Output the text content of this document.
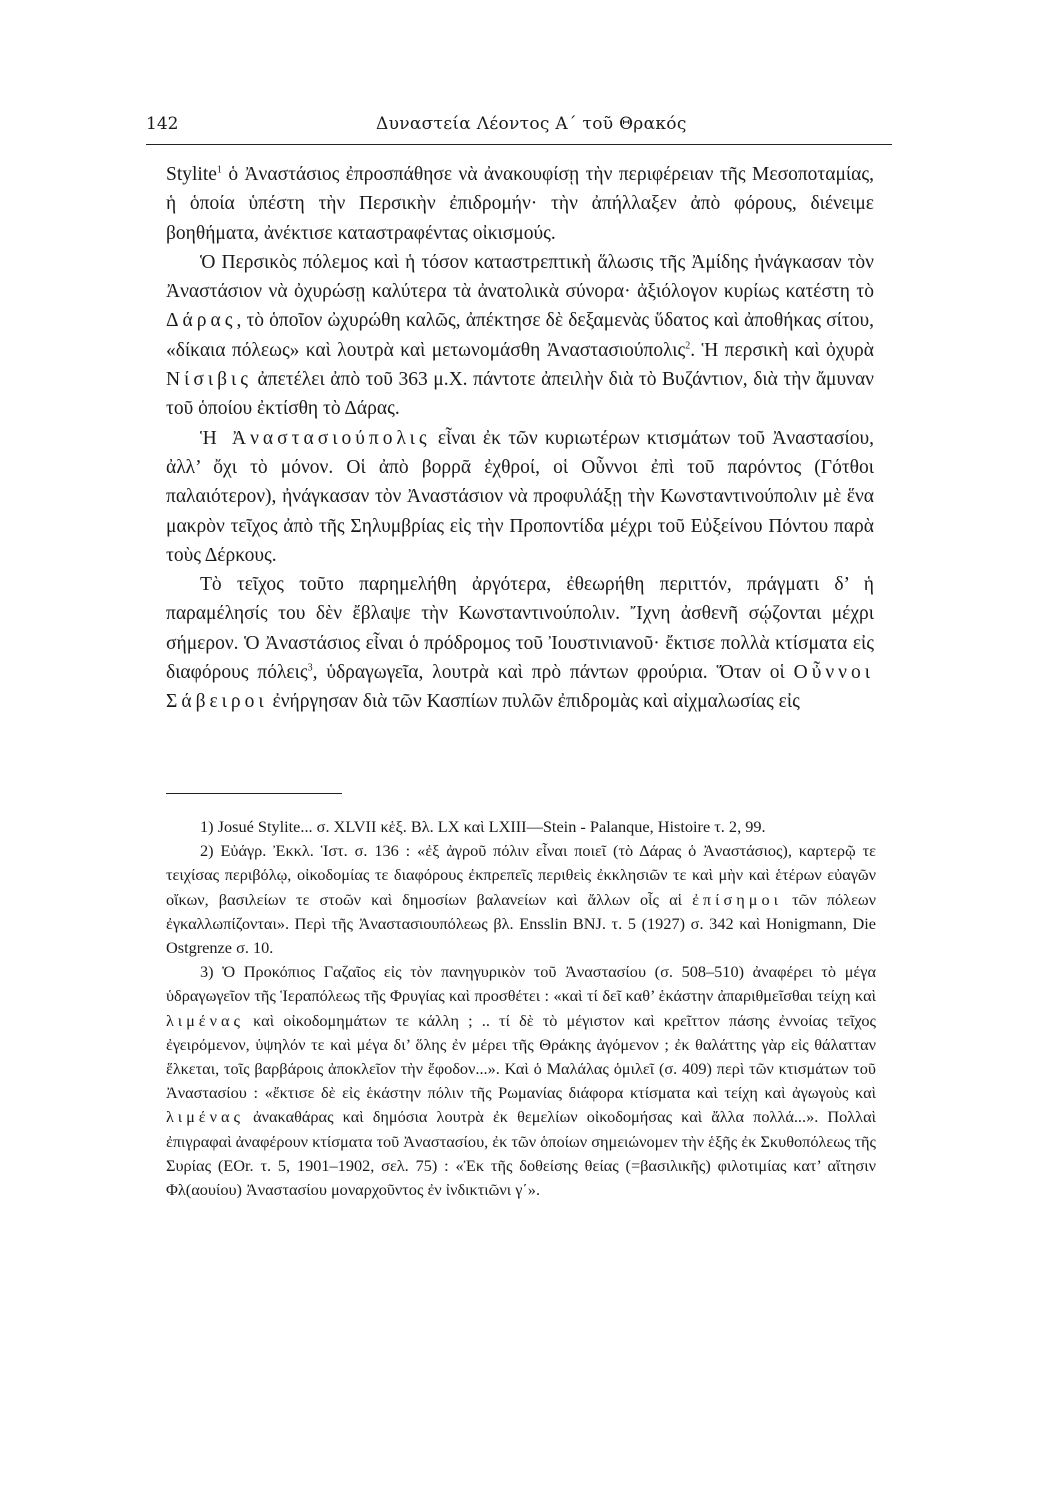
142	Δυναστεία Λέοντος Α΄ τοῦ Θρακός

Stylite$^1$ ὁ Ἀναστάσιος ἐπροσπάθησε νὰ ἀνακουφίσῃ τὴν περιφέρειαν τῆς Μεσοποταμίας, ἡ ὁποία ὑπέστη τὴν Περσικὴν ἐπιδρομήν· τὴν ἀπήλλαξεν ἀπὸ φόρους, διένειμε βοηθήματα, ἀνέκτισε καταστραφέντας οἰκισμούς.

Ὁ Περσικὸς πόλεμος καὶ ἡ τόσον καταστρεπτικὴ ἅλωσις τῆς Ἀμίδης ἠνάγκασαν τὸν Ἀναστάσιον νὰ ὀχυρώσῃ καλύτερα τὰ ἀνατολικὰ σύνορα· ἀξιόλογον κυρίως κατέστη τὸ Δάρας, τὸ ὁποῖον ὠχυρώθη καλῶς, ἀπέκτησε δὲ δεξαμενὰς ὕδατος καὶ ἀποθήκας σίτου, «δίκαια πόλεως» καὶ λουτρὰ καὶ μετωνομάσθη Ἀναστασιούπολις$^2$. Ἡ περσικὴ καὶ ὀχυρὰ Νίσιβις ἀπετέλει ἀπὸ τοῦ 363 μ.Χ. πάντοτε ἀπειλὴν διὰ τὸ Βυζάντιον, διὰ τὴν ἄμυναν τοῦ ὁποίου ἐκτίσθη τὸ Δάρας.

Ἡ Ἀναστασιούπολις εἶναι ἐκ τῶν κυριωτέρων κτισμάτων τοῦ Ἀναστασίου, ἀλλ’ ὄχι τὸ μόνον. Οἱ ἀπὸ βορρᾶ ἐχθροί, οἱ Οὖννοι ἐπὶ τοῦ παρόντος (Γότθοι παλαιότερον), ἠνάγκασαν τὸν Ἀναστάσιον νὰ προφυλάξῃ τὴν Κωνσταντινούπολιν μὲ ἕνα μακρὸν τεῖχος ἀπὸ τῆς Σηλυμβρίας εἰς τὴν Προποντίδα μέχρι τοῦ Εὐξείνου Πόντου παρὰ τοὺς Δέρκους.

Τὸ τεῖχος τοῦτο παρημελήθη ἀργότερα, ἐθεωρήθη περιττόν, πράγματι δ’ ἡ παραμέλησίς του δὲν ἔβλαψε τὴν Κωνσταντινούπολιν. Ἴχνη ἀσθενῆ σῴζονται μέχρι σήμερον. Ὁ Ἀναστάσιος εἶναι ὁ πρόδρομος τοῦ Ἰουστινιανοῦ· ἔκτισε πολλὰ κτίσματα εἰς διαφόρους πόλεις$^3$, ὑδραγωγεῖα, λουτρὰ καὶ πρὸ πάντων φρούρια. Ὅταν οἱ Οὖννοι Σάβειροι ἐνήργησαν διὰ τῶν Κασπίων πυλῶν ἐπιδρομὰς καὶ αἰχμαλωσίας εἰς

1) Josué Stylite... σ. XLVII κἑξ. Βλ. LX καὶ LXIII—Stein - Palanque, Histoire τ. 2, 99.

2) Εὐάγρ. Ἐκκλ. Ἱστ. σ. 136 : «ἐξ ἀγροῦ πόλιν εἶναι ποιεῖ (τὸ Δάρας ὁ Ἀναστάσιος), καρτερῷ τε τειχίσας περιβόλῳ, οἰκοδομίας τε διαφόρους ἐκπρεπεῖς περιθεὶς ἐκκλησιῶν τε καὶ μὴν καὶ ἑτέρων εὐαγῶν οἴκων, βασιλείων τε στοῶν καὶ δημοσίων βαλανείων καὶ ἄλλων οἷς αἱ ἐπίσημοι τῶν πόλεων ἐγκαλλωπίζονται». Περὶ τῆς Ἀναστασιουπόλεως βλ. Ensslin BNJ. τ. 5 (1927) σ. 342 καὶ Honigmann, Die Ostgrenze σ. 10.

3) Ὁ Προκόπιος Γαζαῖος εἰς τὸν πανηγυρικὸν τοῦ Ἀναστασίου (σ. 508–510) ἀναφέρει τὸ μέγα ὑδραγωγεῖον τῆς Ἱεραπόλεως τῆς Φρυγίας καὶ προσθέτει : «καὶ τί δεῖ καθ’ ἑκάστην ἀπαριθμεῖσθαι τείχη καὶ λιμένας καὶ οἰκοδομημάτων τε κάλλη ; .. τί δὲ τὸ μέγιστον καὶ κρεῖττον πάσης ἐννοίας τεῖχος ἐγειρόμενον, ὑψηλόν τε καὶ μέγα δι’ ὅλης ἐν μέρει τῆς Θράκης ἀγόμενον ; ἐκ θαλάττης γὰρ εἰς θάλατταν ἕλκεται, τοῖς βαρβάροις ἀποκλεῖον τὴν ἔφοδον...». Καὶ ὁ Μαλάλας ὁμιλεῖ (σ. 409) περὶ τῶν κτισμάτων τοῦ Ἀναστασίου : «ἔκτισε δὲ εἰς ἑκάστην πόλιν τῆς Ρωμανίας διάφορα κτίσματα καὶ τείχη καὶ ἀγωγοὺς καὶ λιμένας ἀνακαθάρας καὶ δημόσια λουτρὰ ἐκ θεμελίων οἰκοδομήσας καὶ ἄλλα πολλά...». Πολλαὶ ἐπιγραφαὶ ἀναφέρουν κτίσματα τοῦ Ἀναστασίου, ἐκ τῶν ὁποίων σημειώνομεν τὴν ἑξῆς ἐκ Σκυθοπόλεως τῆς Συρίας (ΕΟr. τ. 5, 1901–1902, σελ. 75) : «Ἐκ τῆς δοθείσης θείας (=βασιλικῆς) φιλοτιμίας κατ’ αἴτησιν Φλ(αουίου) Ἀναστασίου μοναρχοῦντος ἐν ἰνδικτιῶνι γ΄».
